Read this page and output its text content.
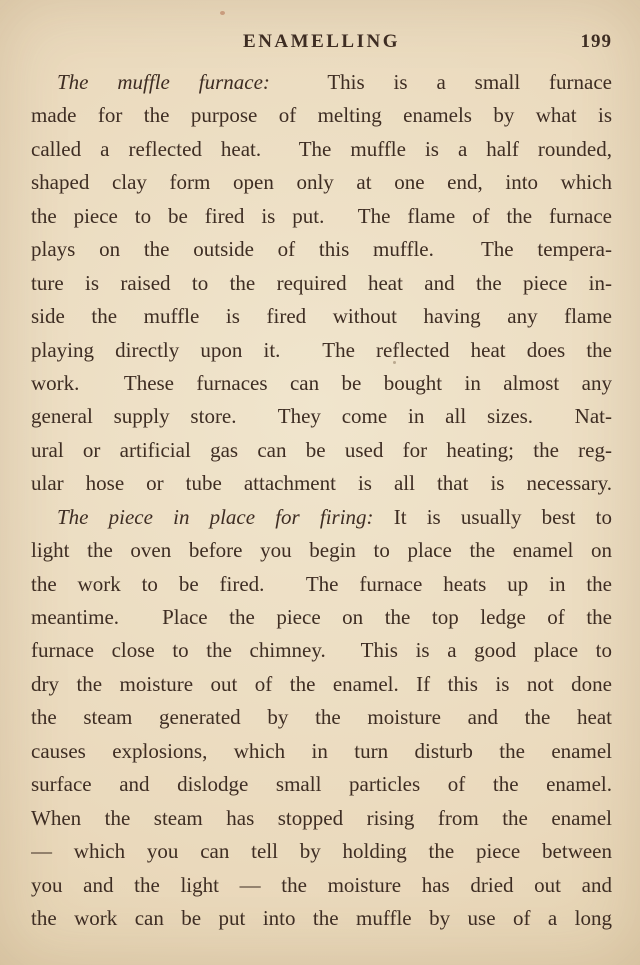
ENAMELLING	199
The muffle furnace:  This is a small furnace
made for the purpose of melting enamels by what is
called a reflected heat.  The muffle is a half rounded,
shaped clay form open only at one end, into which
the piece to be fired is put.  The flame of the furnace
plays on the outside of this muffle.  The tempera-
ture is raised to the required heat and the piece in-
side the muffle is fired without having any flame
playing directly upon it.  The reflected heat does the
work.  These furnaces can be bought in almost any
general supply store.  They come in all sizes.  Nat-
ural or artificial gas can be used for heating; the reg-
ular hose or tube attachment is all that is necessary.
The piece in place for firing: It is usually best to
light the oven before you begin to place the enamel on
the work to be fired.  The furnace heats up in the
meantime.  Place the piece on the top ledge of the
furnace close to the chimney.  This is a good place to
dry the moisture out of the enamel. If this is not done
the steam generated by the moisture and the heat
causes explosions, which in turn disturb the enamel
surface and dislodge small particles of the enamel.
When the steam has stopped rising from the enamel
— which you can tell by holding the piece between
you and the light — the moisture has dried out and
the work can be put into the muffle by use of a long
